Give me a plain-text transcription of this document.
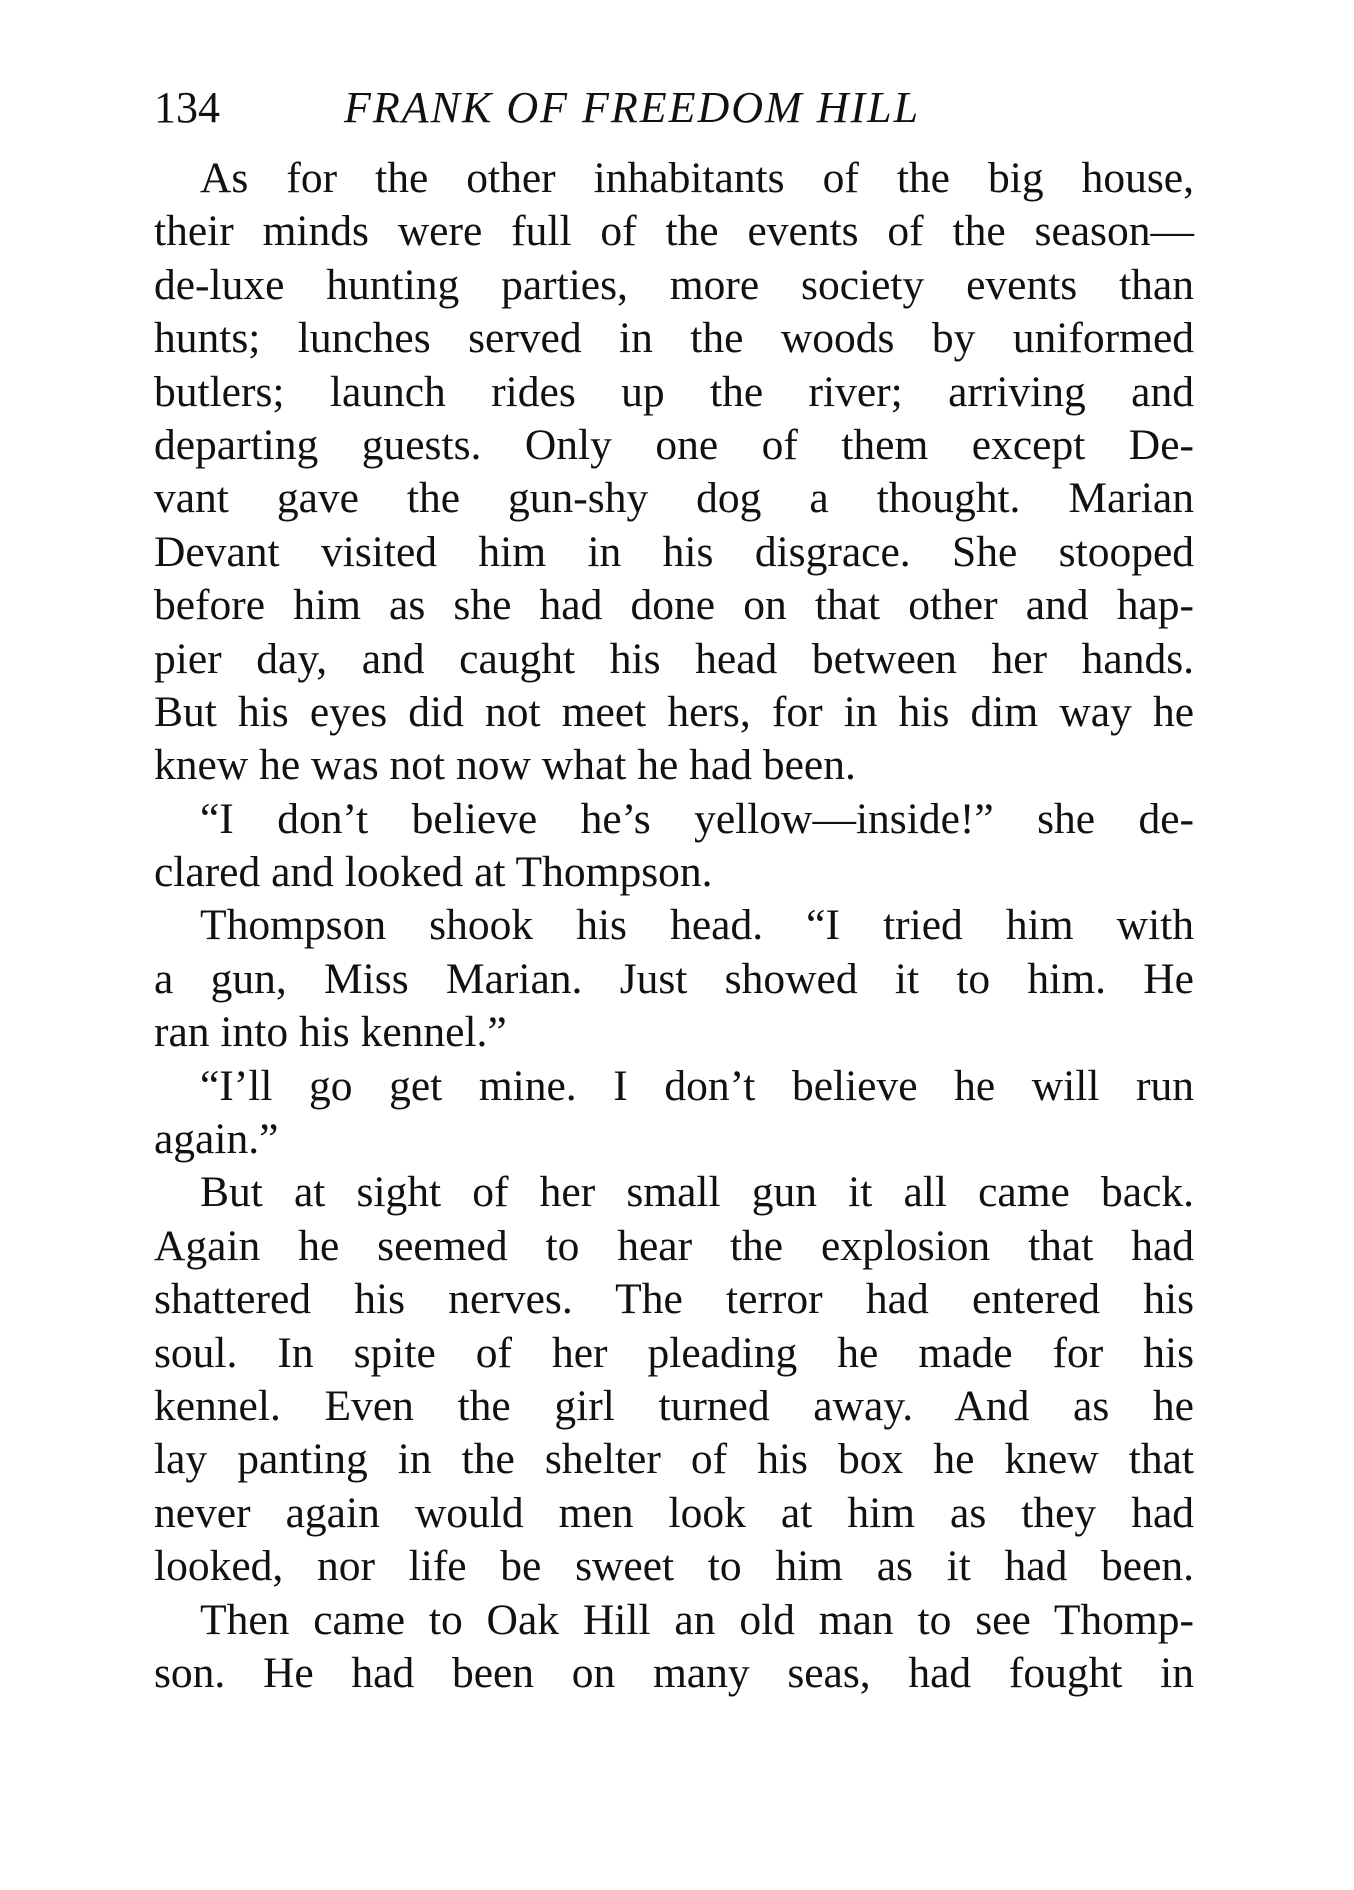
134	FRANK OF FREEDOM HILL
As for the other inhabitants of the big house,
their minds were full of the events of the season—
de-luxe hunting parties, more society events than
hunts; lunches served in the woods by uniformed
butlers; launch rides up the river; arriving and
departing guests. Only one of them except De-
vant gave the gun-shy dog a thought. Marian
Devant visited him in his disgrace. She stooped
before him as she had done on that other and hap-
pier day, and caught his head between her hands.
But his eyes did not meet hers, for in his dim way he
knew he was not now what he had been.
“I don’t believe he’s yellow—inside!” she de-
clared and looked at Thompson.
Thompson shook his head. “I tried him with
a gun, Miss Marian. Just showed it to him. He
ran into his kennel.”
“I’ll go get mine. I don’t believe he will run
again.”
But at sight of her small gun it all came back.
Again he seemed to hear the explosion that had
shattered his nerves. The terror had entered his
soul. In spite of her pleading he made for his
kennel. Even the girl turned away. And as he
lay panting in the shelter of his box he knew that
never again would men look at him as they had
looked, nor life be sweet to him as it had been.
Then came to Oak Hill an old man to see Thomp-
son. He had been on many seas, had fought in
